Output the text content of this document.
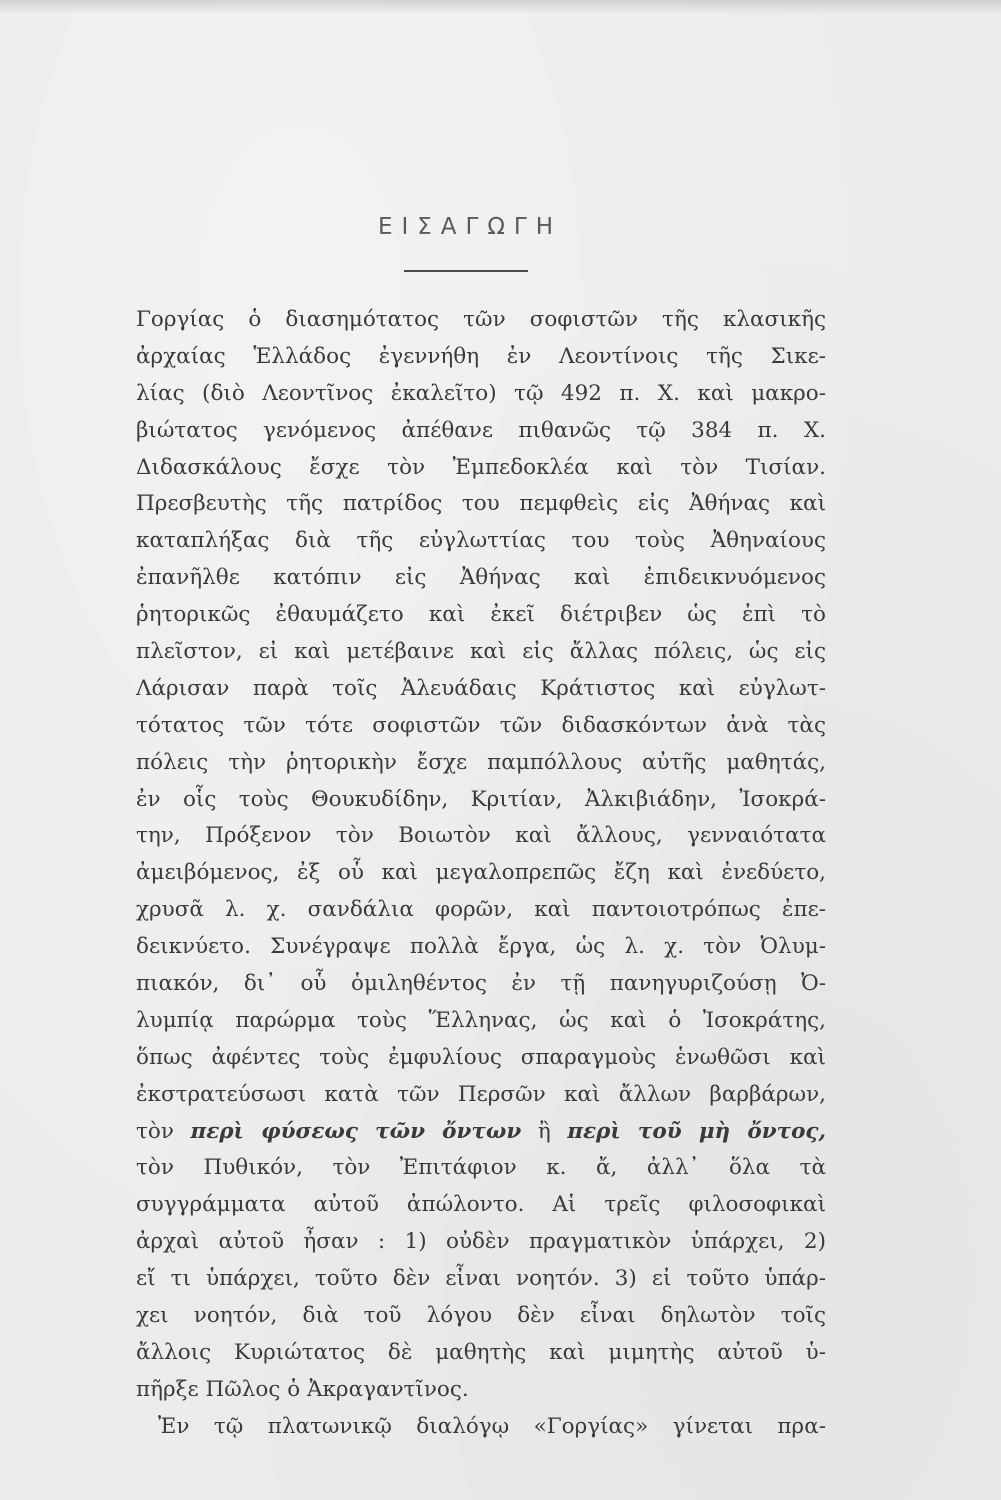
ΕΙΣΑΓΩΓΗ
Γοργίας ὁ διασημότατος τῶν σοφιστῶν τῆς κλασικῆς
ἀρχαίας Ἑλλάδος ἐγεννήθη ἐν Λεοντίνοις τῆς Σικε-
λίας (διὸ Λεοντῖνος ἐκαλεῖτο) τῷ 492 π. Χ. καὶ μακρο-
βιώτατος γενόμενος ἀπέθανε πιθανῶς τῷ 384 π. Χ.
Διδασκάλους ἔσχε τὸν Ἐμπεδοκλέα καὶ τὸν Τισίαν.
Πρεσβευτὴς τῆς πατρίδος του πεμφθεὶς εἰς Ἀθήνας καὶ
καταπλήξας διὰ τῆς εὐγλωττίας του τοὺς Ἀθηναίους
ἐπανῆλθε κατόπιν εἰς Ἀθήνας καὶ ἐπιδεικνυόμενος
ῥητορικῶς ἐθαυμάζετο καὶ ἐκεῖ διέτριβεν ὡς ἐπὶ τὸ
πλεῖστον, εἰ καὶ μετέβαινε καὶ εἰς ἄλλας πόλεις, ὡς εἰς
Λάρισαν παρὰ τοῖς Ἀλευάδαις Κράτιστος καὶ εὐγλωτ-
τότατος τῶν τότε σοφιστῶν τῶν διδασκόντων ἀνὰ τὰς
πόλεις τὴν ῥητορικὴν ἔσχε παμπόλλους αὐτῆς μαθητάς,
ἐν οἷς τοὺς Θουκυδίδην, Κριτίαν, Ἀλκιβιάδην, Ἰσοκρά-
την, Πρόξενον τὸν Βοιωτὸν καὶ ἄλλους, γενναιότατα
ἀμειβόμενος, ἐξ οὗ καὶ μεγαλοπρεπῶς ἔζη καὶ ἐνεδύετο,
χρυσᾶ λ. χ. σανδάλια φορῶν, καὶ παντοιοτρόπως ἐπε-
δεικνύετο. Συνέγραψε πολλὰ ἔργα, ὡς λ. χ. τὸν Ὀλυμ-
πιακόν, δι᾽ οὗ ὁμιληθέντος ἐν τῇ πανηγυριζούσῃ Ὀ-
λυμπίᾳ παρώρμα τοὺς Ἕλληνας, ὡς καὶ ὁ Ἰσοκράτης,
ὅπως ἀφέντες τοὺς ἐμφυλίους σπαραγμοὺς ἑνωθῶσι καὶ
ἐκστρατεύσωσι κατὰ τῶν Περσῶν καὶ ἄλλων βαρβάρων,
τὸν περὶ φύσεως τῶν ὄντων ἢ περὶ τοῦ μὴ ὄντος,
τὸν Πυθικόν, τὸν Ἐπιτάφιον κ. ἄ, ἀλλ᾽ ὅλα τὰ
συγγράμματα αὐτοῦ ἀπώλοντο. Αἱ τρεῖς φιλοσοφικαὶ
ἀρχαὶ αὐτοῦ ἦσαν : 1) οὐδὲν πραγματικὸν ὑπάρχει, 2)
εἴ τι ὑπάρχει, τοῦτο δὲν εἶναι νοητόν. 3) εἰ τοῦτο ὑπάρ-
χει νοητόν, διὰ τοῦ λόγου δὲν εἶναι δηλωτὸν τοῖς
ἄλλοις Κυριώτατος δὲ μαθητὴς καὶ μιμητὴς αὐτοῦ ὑ-
πῆρξε Πῶλος ὁ Ἀκραγαντῖνος.
Ἐν τῷ πλατωνικῷ διαλόγῳ «Γοργίας» γίνεται πρα-
